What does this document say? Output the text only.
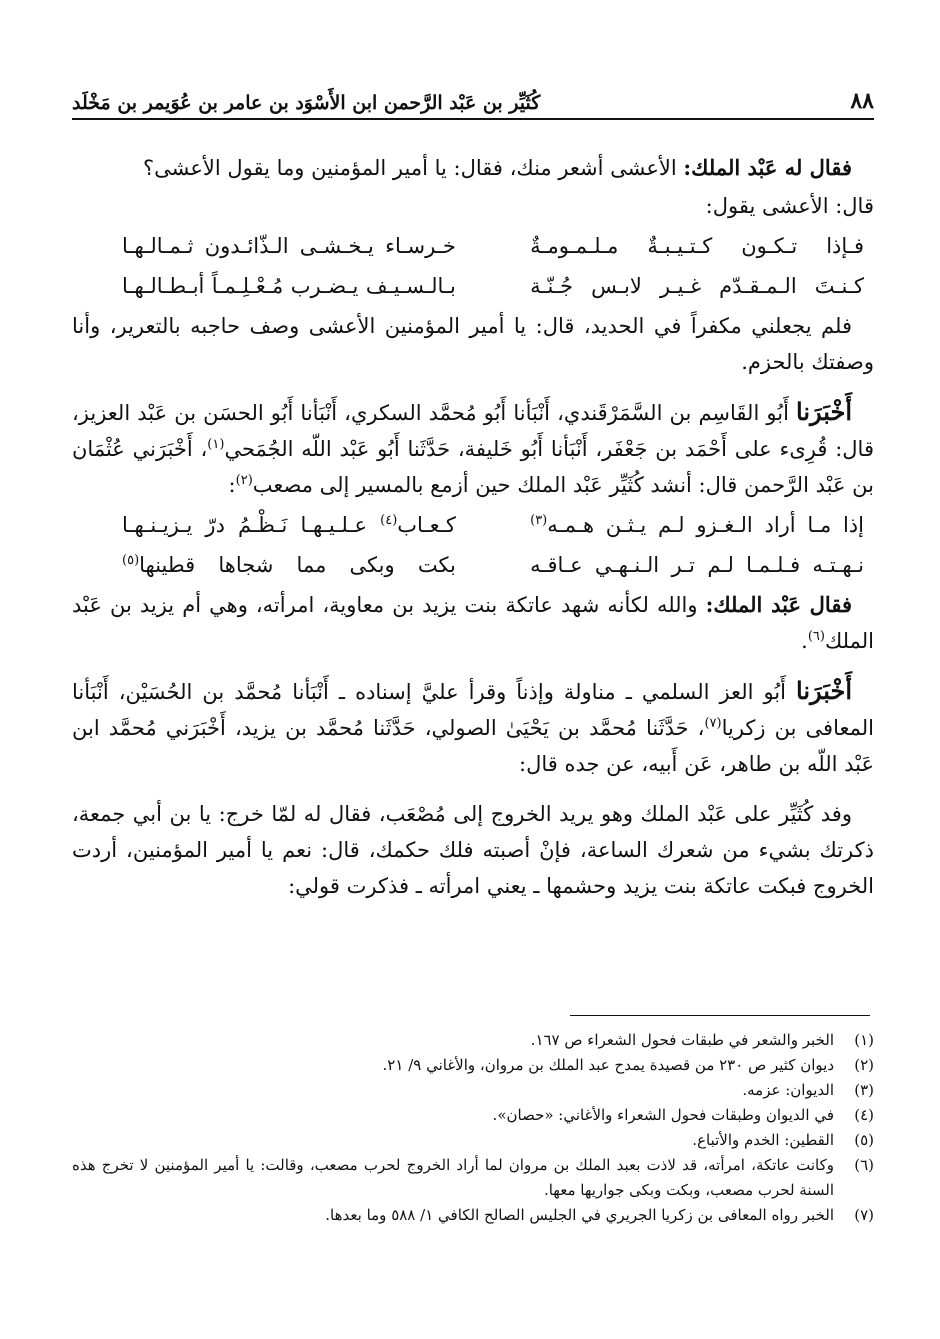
٨٨
كُثَيِّر بن عَبْد الرَّحمن ابن الأَسْوَد بن عامر بن عُوَيمر بن مَخْلَد

فقال له عَبْد الملك: الأعشى أشعر منك، فقال: يا أمير المؤمنين وما يقول الأعشى؟

قال: الأعشى يقول:

فـإذا تـكـون كـتـيـبـةٌ مـلـمـومـةٌ
خـرسـاء يـخـشـى الـذّائـدون ثـمـالـهـا
كـنـتَ الـمـقـدّم غـيـر لابـس جُـنّـة
بـالـسـيـف يـضـرب مُـعْـلِـمـاً أبـطـالـهـا

فلم يجعلني مكفراً في الحديد، قال: يا أمير المؤمنين الأعشى وصف حاجبه بالتعرير، وأنا وصفتك بالحزم.

أَخْبَرَنا أَبُو القَاسِم بن السَّمَرْقَندي، أَنْبَأنا أَبُو مُحمَّد السكري، أَنْبَأنا أَبُو الحسَن بن عَبْد العزيز، قال: قُرِىء على أَحْمَد بن جَعْفَر، أَنْبَأنا أَبُو خَليفة، حَدَّثَنا أَبُو عَبْد اللّه الجُمَحي$^{(١)}$، أَخْبَرَني عُثْمَان بن عَبْد الرَّحمن قال: أنشد كُثَيِّر عَبْد الملك حين أزمع بالمسير إلى مصعب$^{(٢)}$:

إذا مـا أراد الـغـزو لـم يـثـن هـمـه$^{(٣)}$
كـعـاب$^{(٤)}$ عـلـيـهـا نَـظْـمُ درّ يـزيـنـهـا
نـهـتـه فـلـمـا لـم تـر الـنـهـي عـاقـه
بكت وبكى مما شجاها قطينها$^{(٥)}$

فقال عَبْد الملك: والله لكأنه شهد عاتكة بنت يزيد بن معاوية، امرأته، وهي أم يزيد بن عَبْد الملك$^{(٦)}$.

أَخْبَرَنا أَبُو العز السلمي ـ مناولة وإذناً وقرأ عليَّ إسناده ـ أَنْبَأنا مُحمَّد بن الحُسَيْن، أَنْبَأنا المعافى بن زكريا$^{(٧)}$، حَدَّثَنا مُحمَّد بن يَحْيَىٰ الصولي، حَدَّثَنا مُحمَّد بن يزيد، أَخْبَرَني مُحمَّد ابن عَبْد اللّه بن طاهر، عَن أَبيه، عن جده قال:

وفد كُثَيِّر على عَبْد الملك وهو يريد الخروج إلى مُصْعَب، فقال له لمّا خرج: يا بن أبي جمعة، ذكرتك بشيء من شعرك الساعة، فإنْ أصبته فلك حكمك، قال: نعم يا أمير المؤمنين، أردت الخروج فبكت عاتكة بنت يزيد وحشمها ـ يعني امرأته ـ فذكرت قولي:

(١)
الخبر والشعر في طبقات فحول الشعراء ص ١٦٧.
(٢)
ديوان كثير ص ٢٣٠ من قصيدة يمدح عبد الملك بن مروان، والأغاني ٩/ ٢١.
(٣)
الديوان: عزمه.
(٤)
في الديوان وطبقات فحول الشعراء والأغاني: «حصان».
(٥)
القطين: الخدم والأتباع.
(٦)
وكانت عاتكة، امرأته، قد لاذت بعبد الملك بن مروان لما أراد الخروج لحرب مصعب، وقالت: يا أمير المؤمنين لا تخرج هذه السنة لحرب مصعب، وبكت وبكى جواريها معها.
(٧)
الخبر رواه المعافى بن زكريا الجريري في الجليس الصالح الكافي ١/ ٥٨٨ وما بعدها.
